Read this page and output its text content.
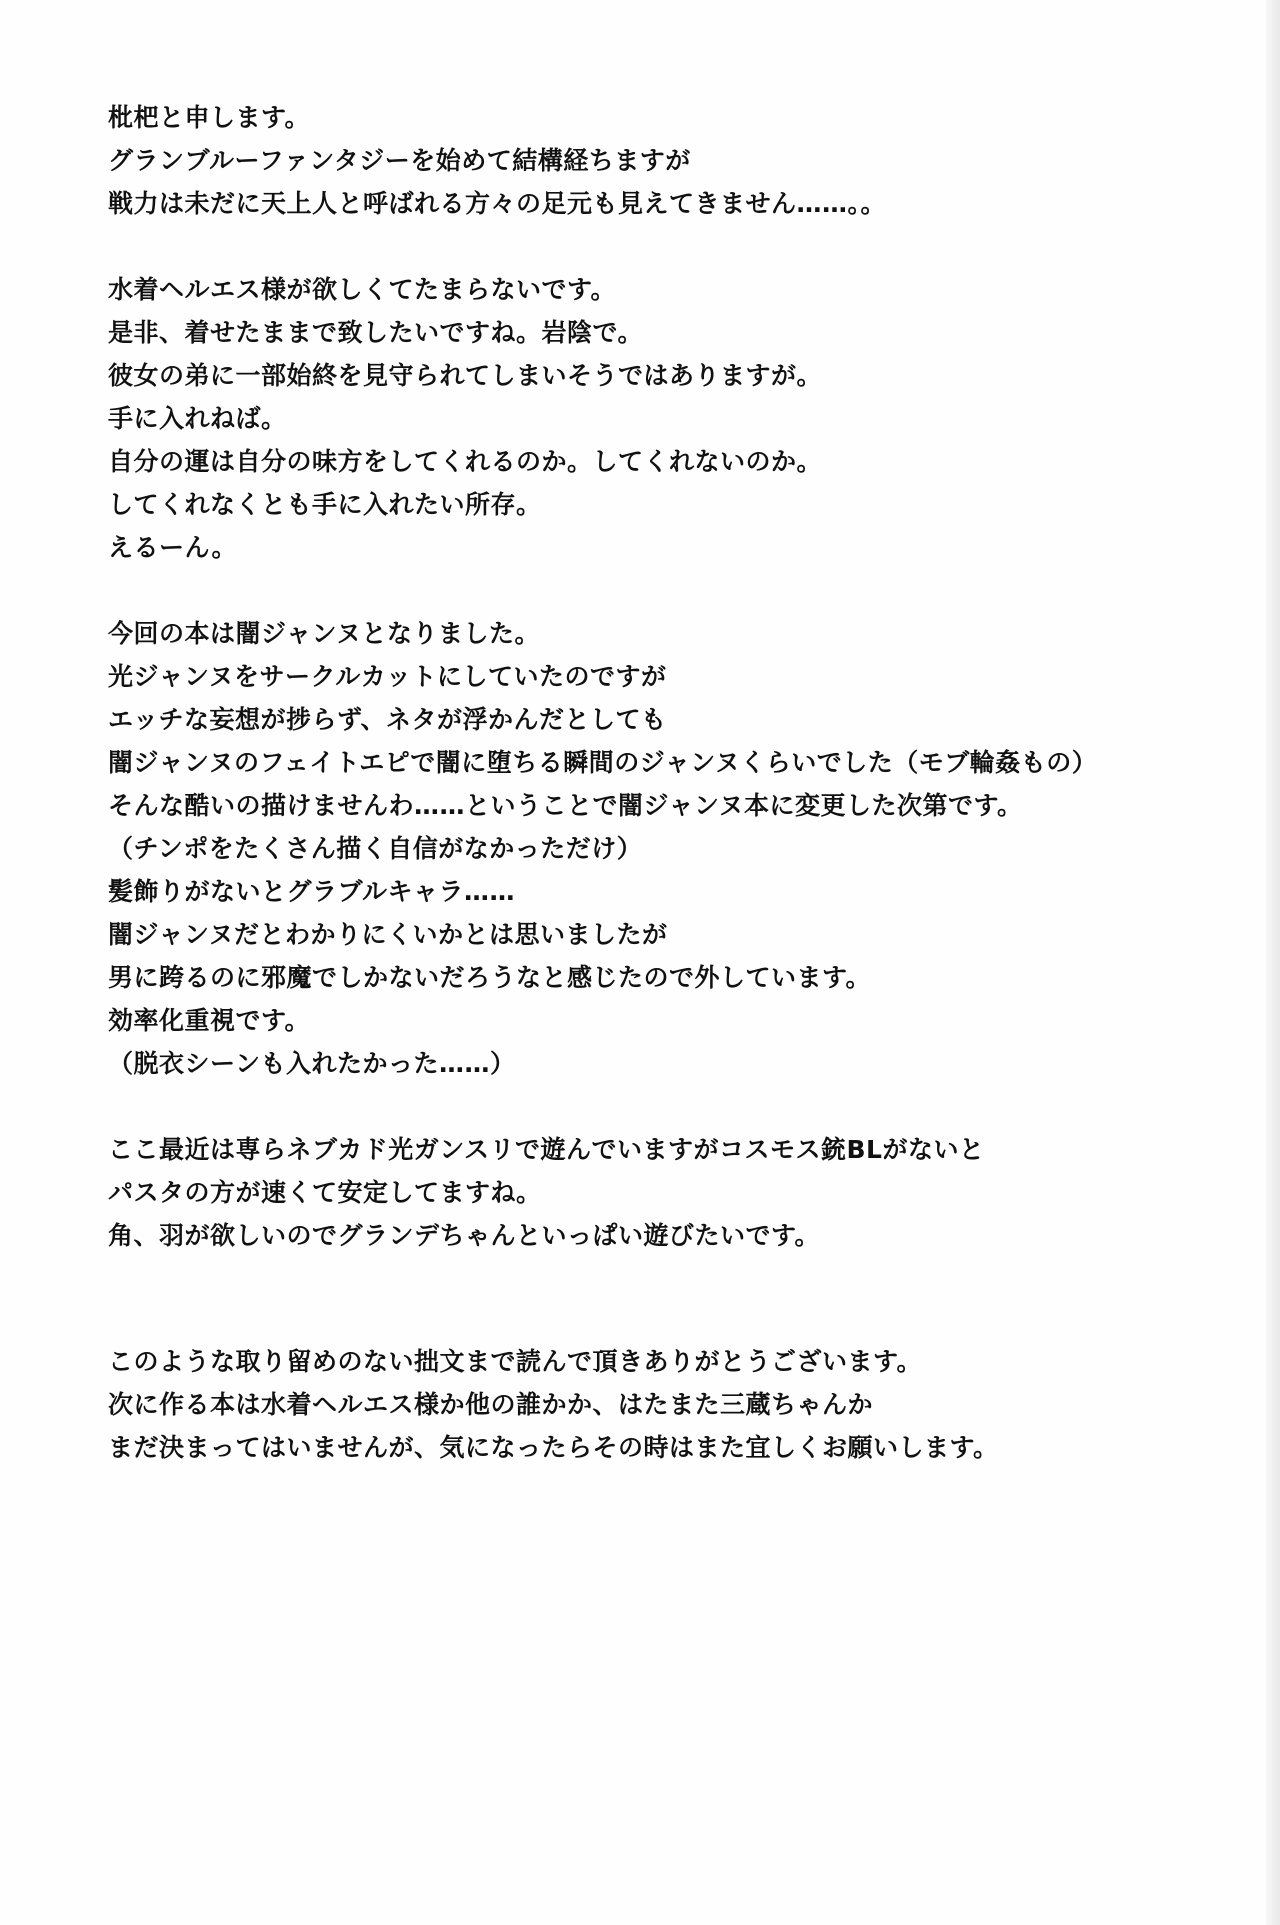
枇杷と申します。
グランブルーファンタジーを始めて結構経ちますが
戦力は未だに天上人と呼ばれる方々の足元も見えてきません……。。
水着ヘルエス様が欲しくてたまらないです。
是非、着せたままで致したいですね。岩陰で。
彼女の弟に一部始終を見守られてしまいそうではありますが。
手に入れねば。
自分の運は自分の味方をしてくれるのか。してくれないのか。
してくれなくとも手に入れたい所存。
えるーん。
今回の本は闇ジャンヌとなりました。
光ジャンヌをサークルカットにしていたのですが
エッチな妄想が捗らず、ネタが浮かんだとしても
闇ジャンヌのフェイトエピで闇に堕ちる瞬間のジャンヌくらいでした（モブ輪姦もの）
そんな酷いの描けませんわ……ということで闇ジャンヌ本に変更した次第です。
（チンポをたくさん描く自信がなかっただけ）
髪飾りがないとグラブルキャラ……
闇ジャンヌだとわかりにくいかとは思いましたが
男に跨るのに邪魔でしかないだろうなと感じたので外しています。
効率化重視です。
（脱衣シーンも入れたかった……）
ここ最近は専らネブカド光ガンスリで遊んでいますがコスモス銃BLがないと
パスタの方が速くて安定してますね。
角、羽が欲しいのでグランデちゃんといっぱい遊びたいです。
このような取り留めのない拙文まで読んで頂きありがとうございます。
次に作る本は水着ヘルエス様か他の誰かか、はたまた三蔵ちゃんか
まだ決まってはいませんが、気になったらその時はまた宜しくお願いします。
